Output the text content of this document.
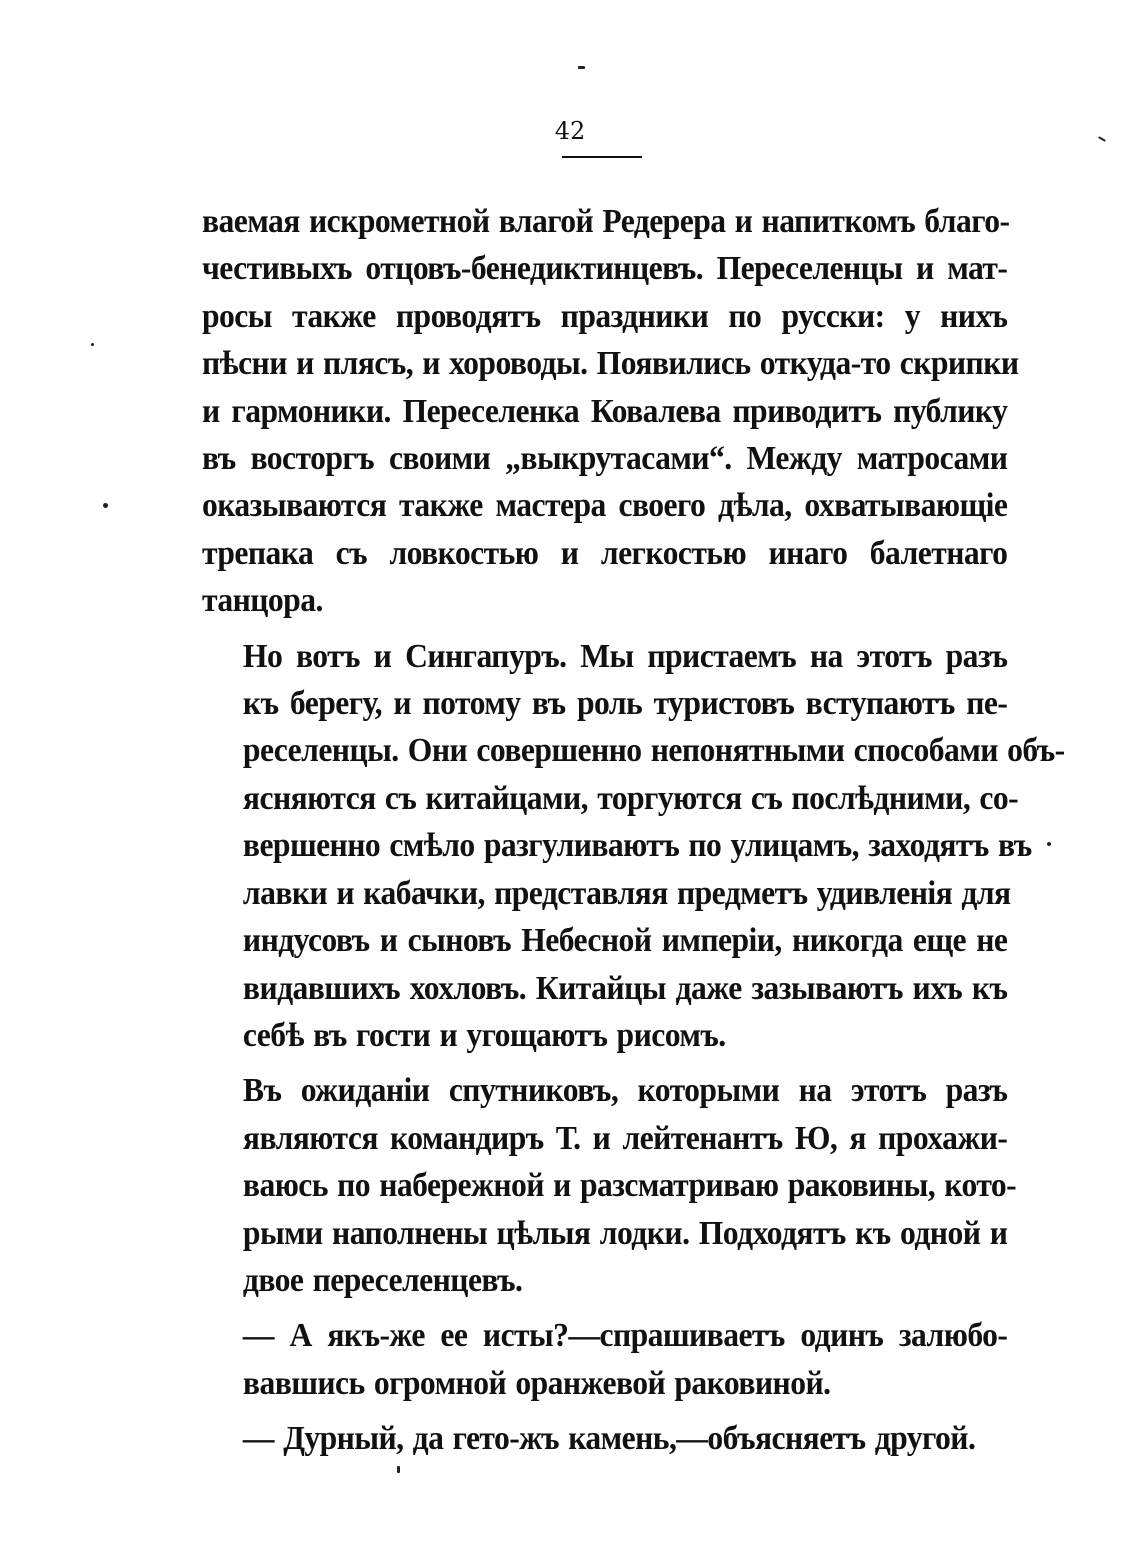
42

ваемая искрометной влагой Редерера и напиткомъ благо-
честивыхъ отцовъ-бенедиктинцевъ. Переселенцы и мат-
росы также проводятъ праздники по русски: у нихъ
пѣсни и плясъ, и хороводы. Появились откуда-то скрипки
и гармоники. Переселенка Ковалева приводитъ публику
въ восторгъ своими „выкрутасами“. Между матросами
оказываются также мастера своего дѣла, охватывающіе
трепака съ ловкостью и легкостью инаго балетнаго
танцора.

Но вотъ и Сингапуръ. Мы пристаемъ на этотъ разъ
къ берегу, и потому въ роль туристовъ вступаютъ пе-
реселенцы. Они совершенно непонятными способами объ-
ясняются съ китайцами, торгуются съ послѣдними, со-
вершенно смѣло разгуливаютъ по улицамъ, заходятъ въ
лавки и кабачки, представляя предметъ удивленія для
индусовъ и сыновъ Небесной имперіи, никогда еще не
видавшихъ хохловъ. Китайцы даже зазываютъ ихъ къ
себѣ въ гости и угощаютъ рисомъ.

Въ ожиданіи спутниковъ, которыми на этотъ разъ
являются командиръ Т. и лейтенантъ Ю, я прохажи-
ваюсь по набережной и разсматриваю раковины, кото-
рыми наполнены цѣлыя лодки. Подходятъ къ одной и
двое переселенцевъ.

— А якъ-же ее исты?—спрашиваетъ одинъ залюбо-
вавшись огромной оранжевой раковиной.

— Дурный, да гето-жъ камень,—объясняетъ другой.
